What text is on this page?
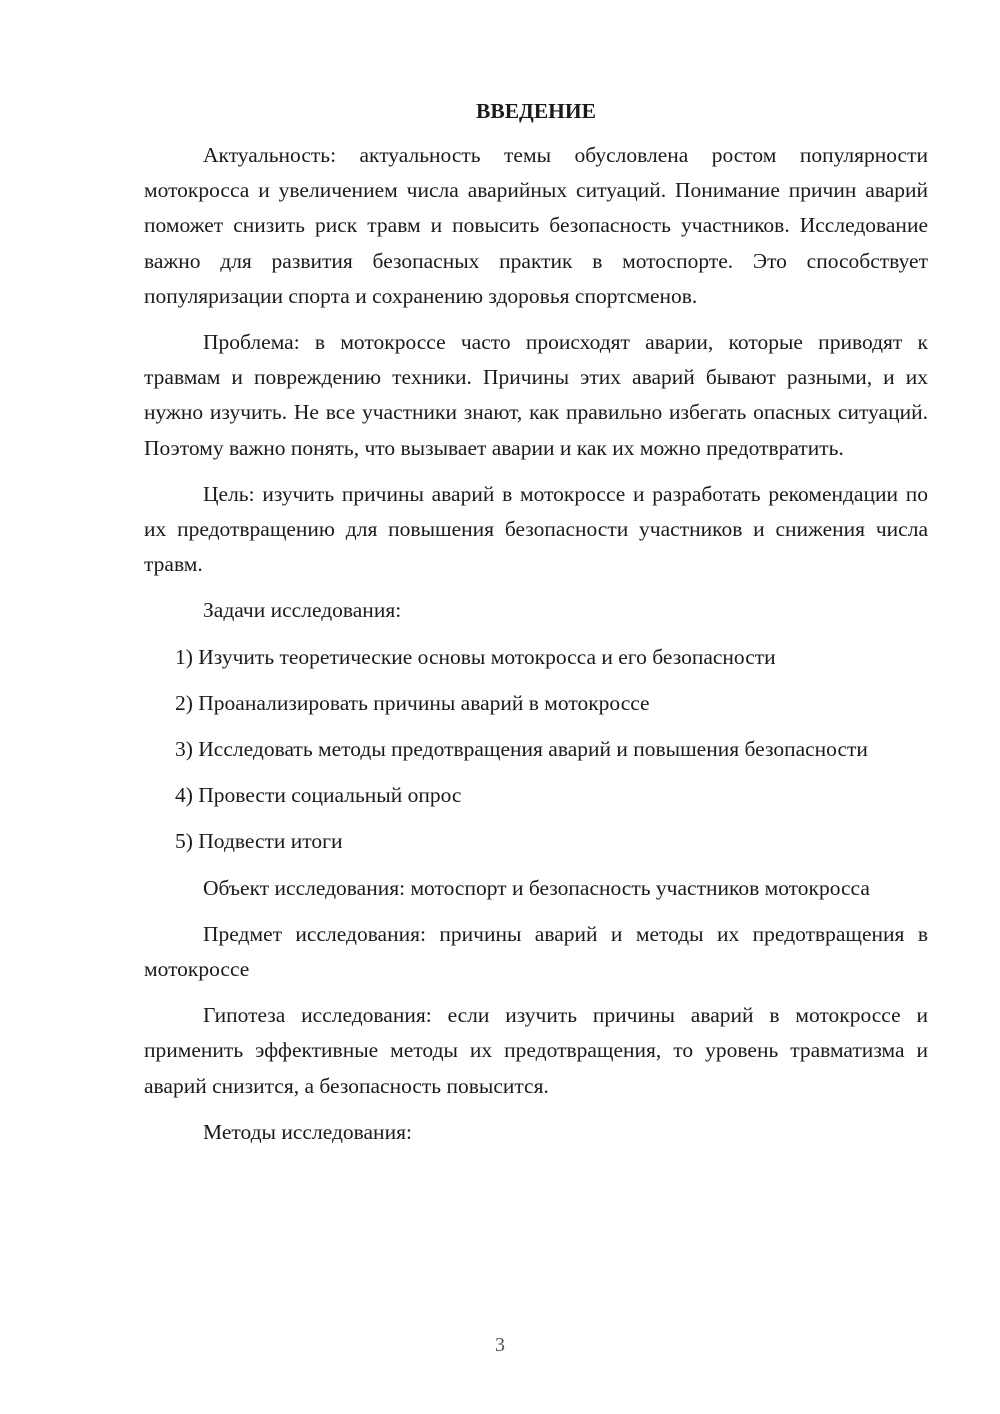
ВВЕДЕНИЕ

Актуальность: актуальность темы обусловлена ростом популярности мотокросса и увеличением числа аварийных ситуаций. Понимание причин аварий поможет снизить риск травм и повысить безопасность участников. Исследование важно для развития безопасных практик в мотоспорте. Это способствует популяризации спорта и сохранению здоровья спортсменов.

Проблема: в мотокроссе часто происходят аварии, которые приводят к травмам и повреждению техники. Причины этих аварий бывают разными, и их нужно изучить. Не все участники знают, как правильно избегать опасных ситуаций. Поэтому важно понять, что вызывает аварии и как их можно предотвратить.

Цель: изучить причины аварий в мотокроссе и разработать рекомендации по их предотвращению для повышения безопасности участников и снижения числа травм.

Задачи исследования:

1) Изучить теоретические основы мотокросса и его безопасности

2) Проанализировать причины аварий в мотокроссе

3) Исследовать методы предотвращения аварий и повышения безопасности

4) Провести социальный опрос

5) Подвести итоги

Объект исследования: мотоспорт и безопасность участников мотокросса

Предмет исследования: причины аварий и методы их предотвращения в мотокроссе

Гипотеза исследования: если изучить причины аварий в мотокроссе и применить эффективные методы их предотвращения, то уровень травматизма и аварий снизится, а безопасность повысится.

Методы исследования:

3
